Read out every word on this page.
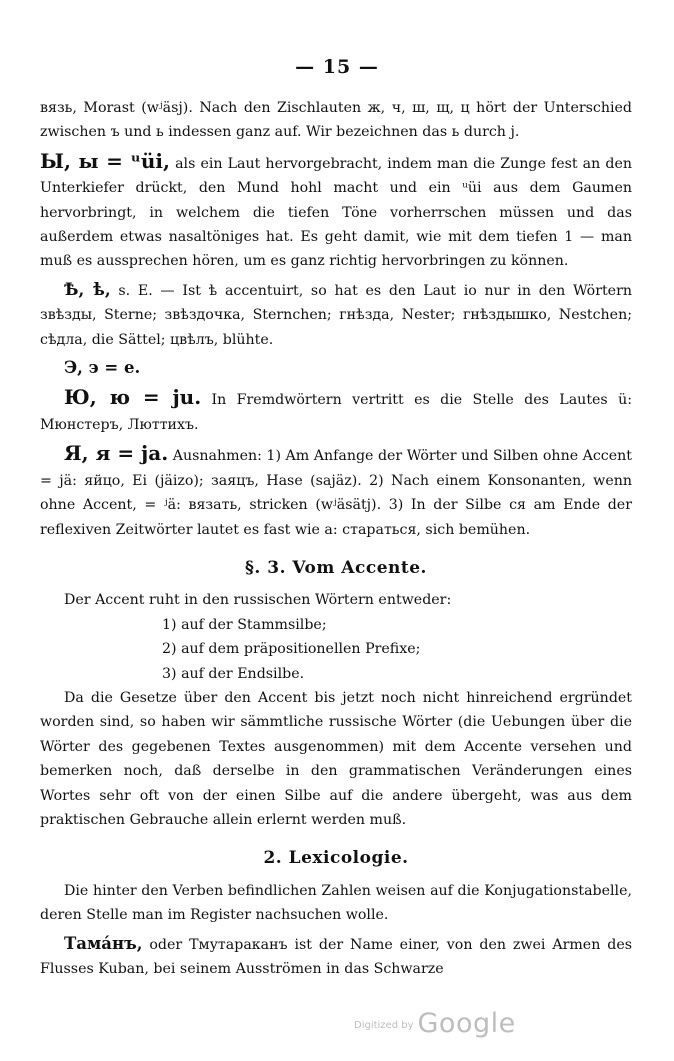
— 15 —

вязь, Morast (wʲäsj). Nach den Zischlauten ж, ч, ш, щ, ц hört der Unterschied zwischen ъ und ь indessen ganz auf. Wir bezeichnen das ь durch j.

Ы, ы = ᵘüi, als ein Laut hervorgebracht, indem man die Zunge fest an den Unterkiefer drückt, den Mund hohl macht und ein ᵘüi aus dem Gaumen hervorbringt, in welchem die tiefen Töne vorherrschen müssen und das außerdem etwas nasaltöniges hat. Es geht damit, wie mit dem tiefen 1 — man muß es aussprechen hören, um es ganz richtig hervorbringen zu können.

Ѣ, ѣ, s. E. — Ist ѣ accentuirt, so hat es den Laut io nur in den Wörtern звѣзды, Sterne; звѣздочка, Sternchen; гнѣзда, Nester; гнѣздышко, Nestchen; сѣдла, die Sättel; цвѣлъ, blühte.

Э, э = e.

Ю, ю = ju. In Fremdwörtern vertritt es die Stelle des Lautes ü: Мюнстеръ, Люттихъ.

Я, я = ja. Ausnahmen: 1) Am Anfange der Wörter und Silben ohne Accent = jä: яйцо, Ei (jäizo); заяцъ, Hase (sajäz). 2) Nach einem Konsonanten, wenn ohne Accent, = ʲä: вязать, stricken (wʲäsätj). 3) In der Silbe ся am Ende der reflexiven Zeitwörter lautet es fast wie a: стараться, sich bemühen.

§. 3. Vom Accente.

Der Accent ruht in den russischen Wörtern entweder:

1) auf der Stammsilbe;

2) auf dem präpositionellen Prefixe;

3) auf der Endsilbe.

Da die Gesetze über den Accent bis jetzt noch nicht hinreichend ergründet worden sind, so haben wir sämmtliche russische Wörter (die Uebungen über die Wörter des gegebenen Textes ausgenommen) mit dem Accente versehen und bemerken noch, daß derselbe in den grammatischen Veränderungen eines Wortes sehr oft von der einen Silbe auf die andere übergeht, was aus dem praktischen Gebrauche allein erlernt werden muß.

2. Lexicologie.

Die hinter den Verben befindlichen Zahlen weisen auf die Konjugationstabelle, deren Stelle man im Register nachsuchen wolle.

Тама́нъ, oder Тмутараканъ ist der Name einer, von den zwei Armen des Flusses Kuban, bei seinem Ausströmen in das Schwarze

$^{Digitized by}$ Google
